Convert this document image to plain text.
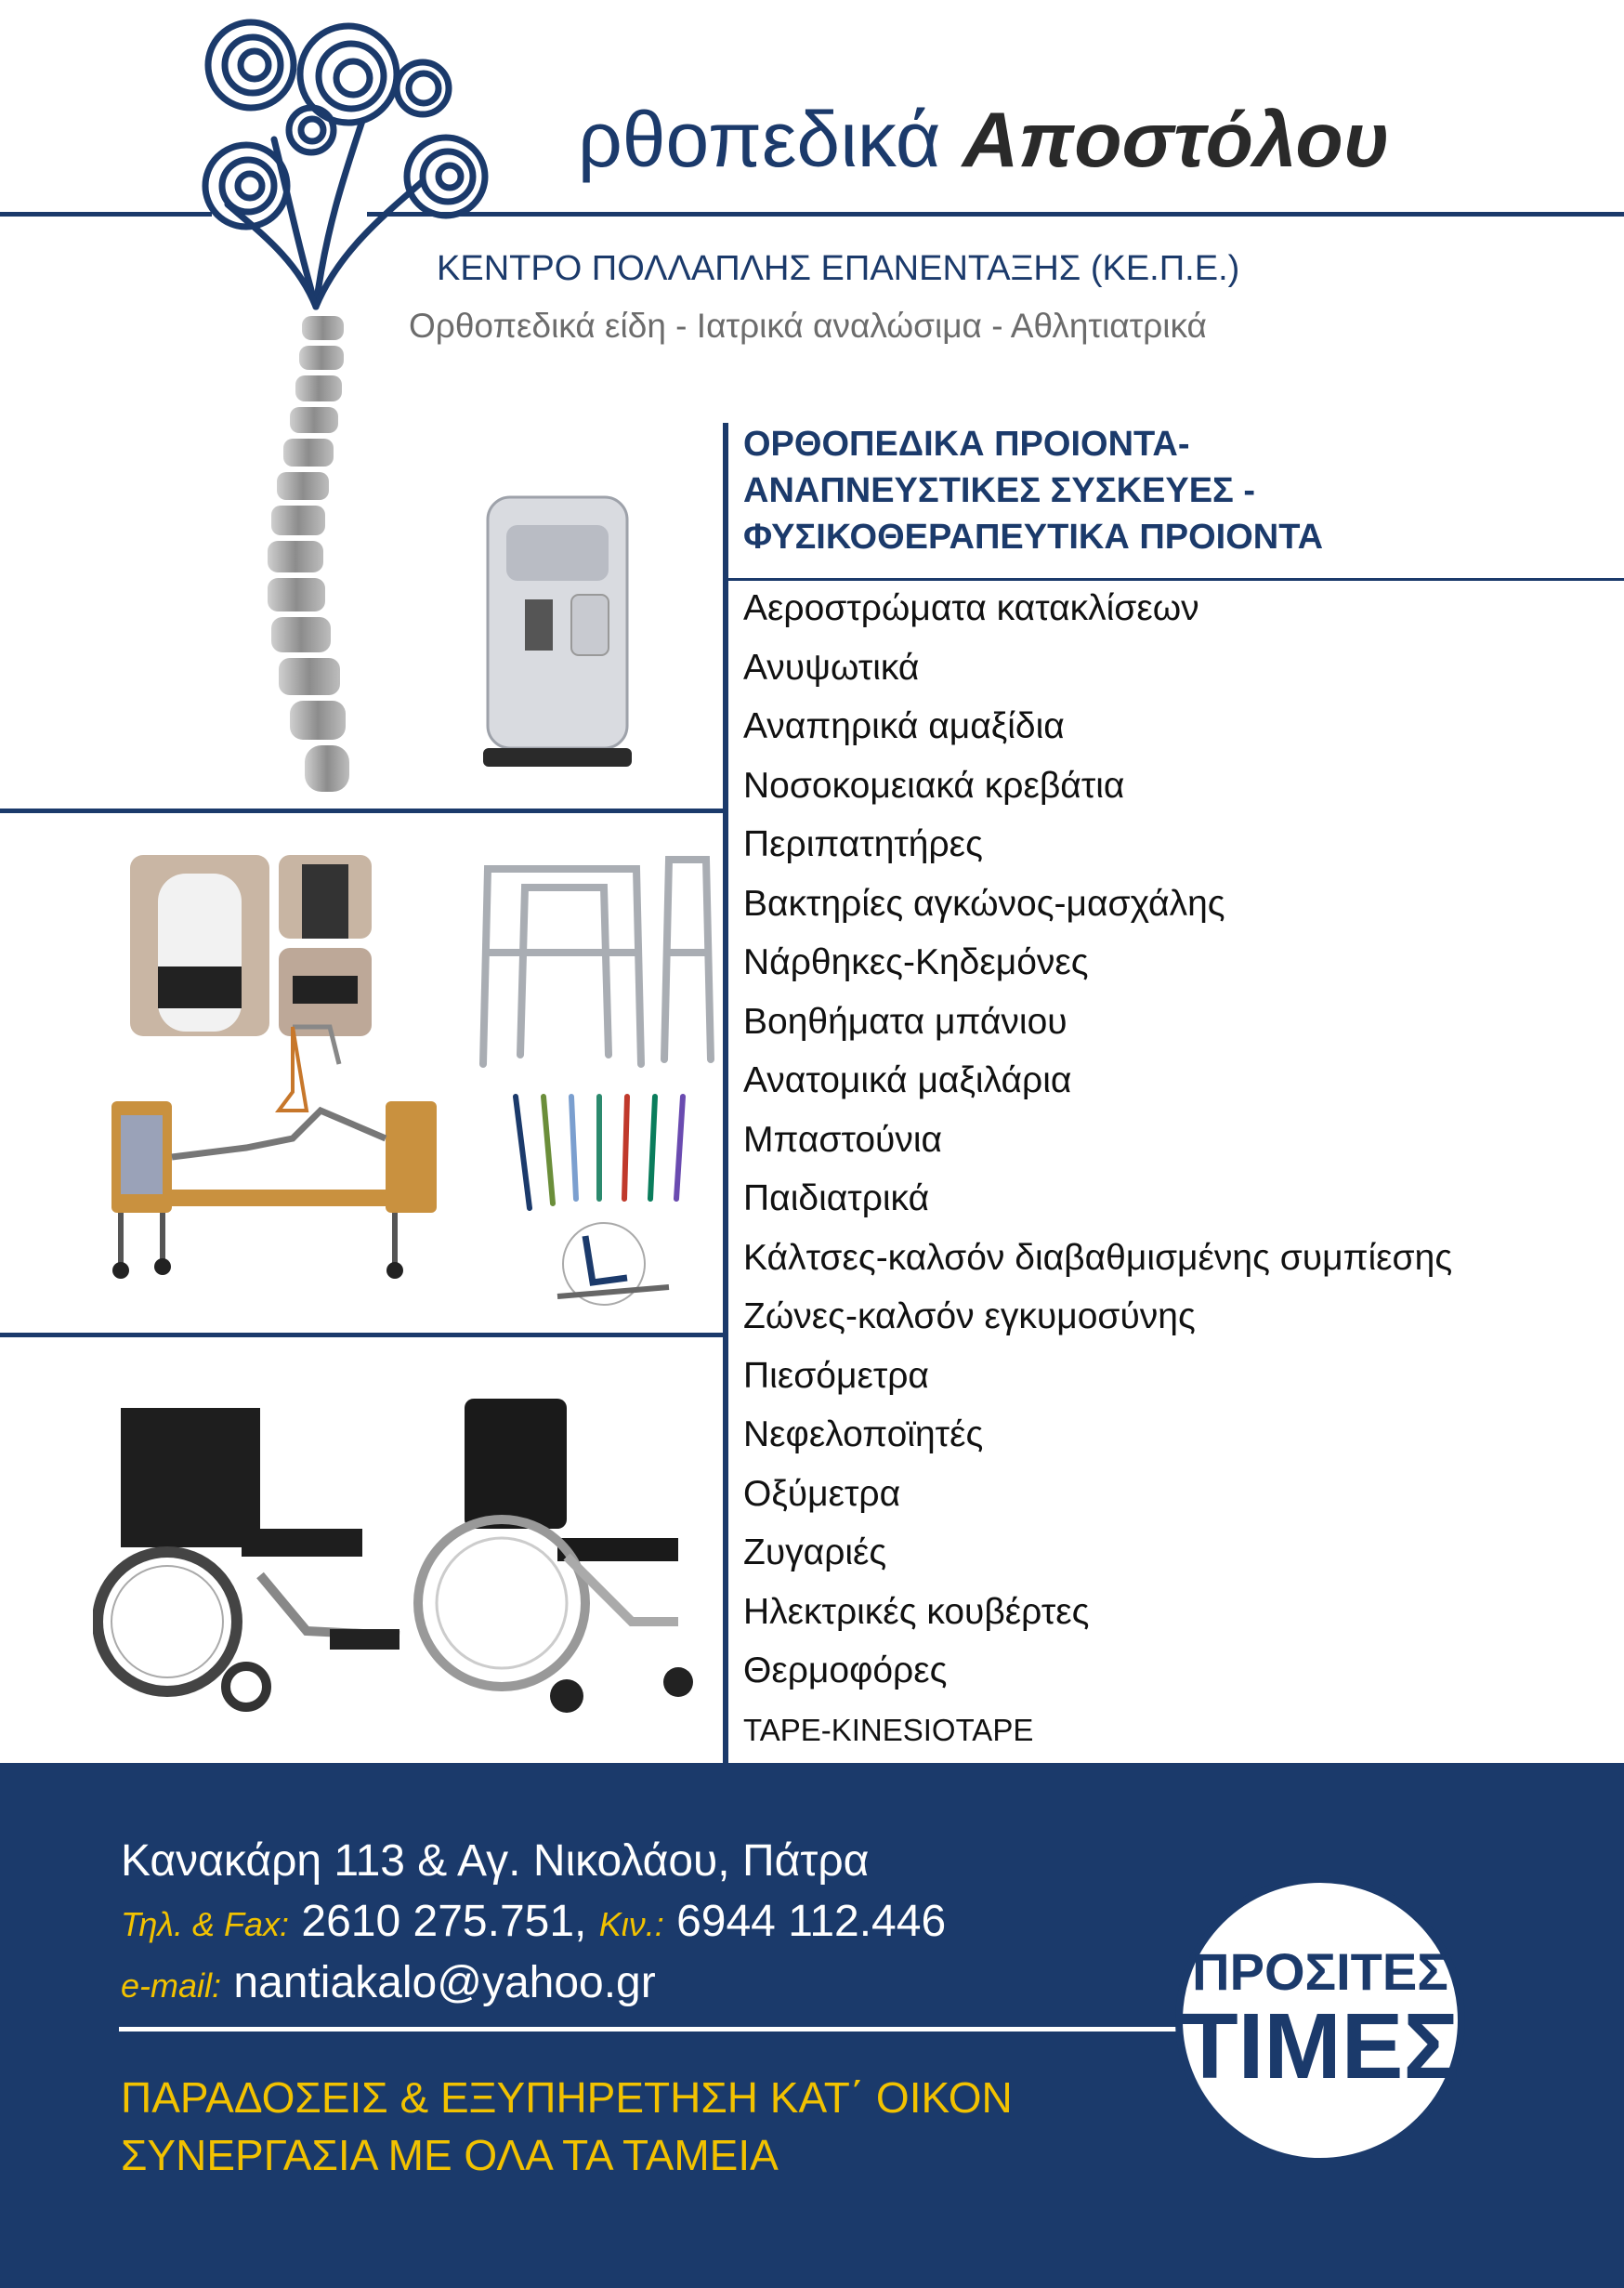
ρθοπεδικά Αποστόλου
ΚΕΝΤΡΟ ΠΟΛΛΑΠΛΗΣ ΕΠΑΝΕΝΤΑΞΗΣ (ΚΕ.Π.Ε.)
Ορθοπεδικά είδη - Ιατρικά αναλώσιμα - Αθλητιατρικά
ΟΡΘΟΠΕΔΙΚΑ ΠΡΟΙΟΝΤΑ-
ΑΝΑΠΝΕΥΣΤΙΚΕΣ ΣΥΣΚΕΥΕΣ -
ΦΥΣΙΚΟΘΕΡΑΠΕΥΤΙΚΑ ΠΡΟΙΟΝΤΑ
Αεροστρώματα κατακλίσεων
Ανυψωτικά
Αναπηρικά αμαξίδια
Νοσοκομειακά κρεβάτια
Περιπατητήρες
Βακτηρίες αγκώνος-μασχάλης
Νάρθηκες-Κηδεμόνες
Βοηθήματα μπάνιου
Ανατομικά μαξιλάρια
Μπαστούνια
Παιδιατρικά
Κάλτσες-καλσόν διαβαθμισμένης συμπίεσης
Ζώνες-καλσόν εγκυμοσύνης
Πιεσόμετρα
Νεφελοποϊητές
Οξύμετρα
Ζυγαριές
Ηλεκτρικές κουβέρτες
Θερμοφόρες
TAPE-KINESIOTAPE
Κανακάρη 113 & Αγ. Νικολάου, Πάτρα
Τηλ. & Fax: 2610 275.751, Κιν.: 6944 112.446
e-mail: nantiakalo@yahoo.gr
ΠΑΡΑΔΟΣΕΙΣ & ΕΞΥΠΗΡΕΤΗΣΗ ΚΑΤ΄ ΟΙΚΟΝ
ΣΥΝΕΡΓΑΣΙΑ ΜΕ ΟΛΑ ΤΑ ΤΑΜΕΙΑ
ΠΡΟΣΙΤΕΣ
ΤΙΜΕΣ
